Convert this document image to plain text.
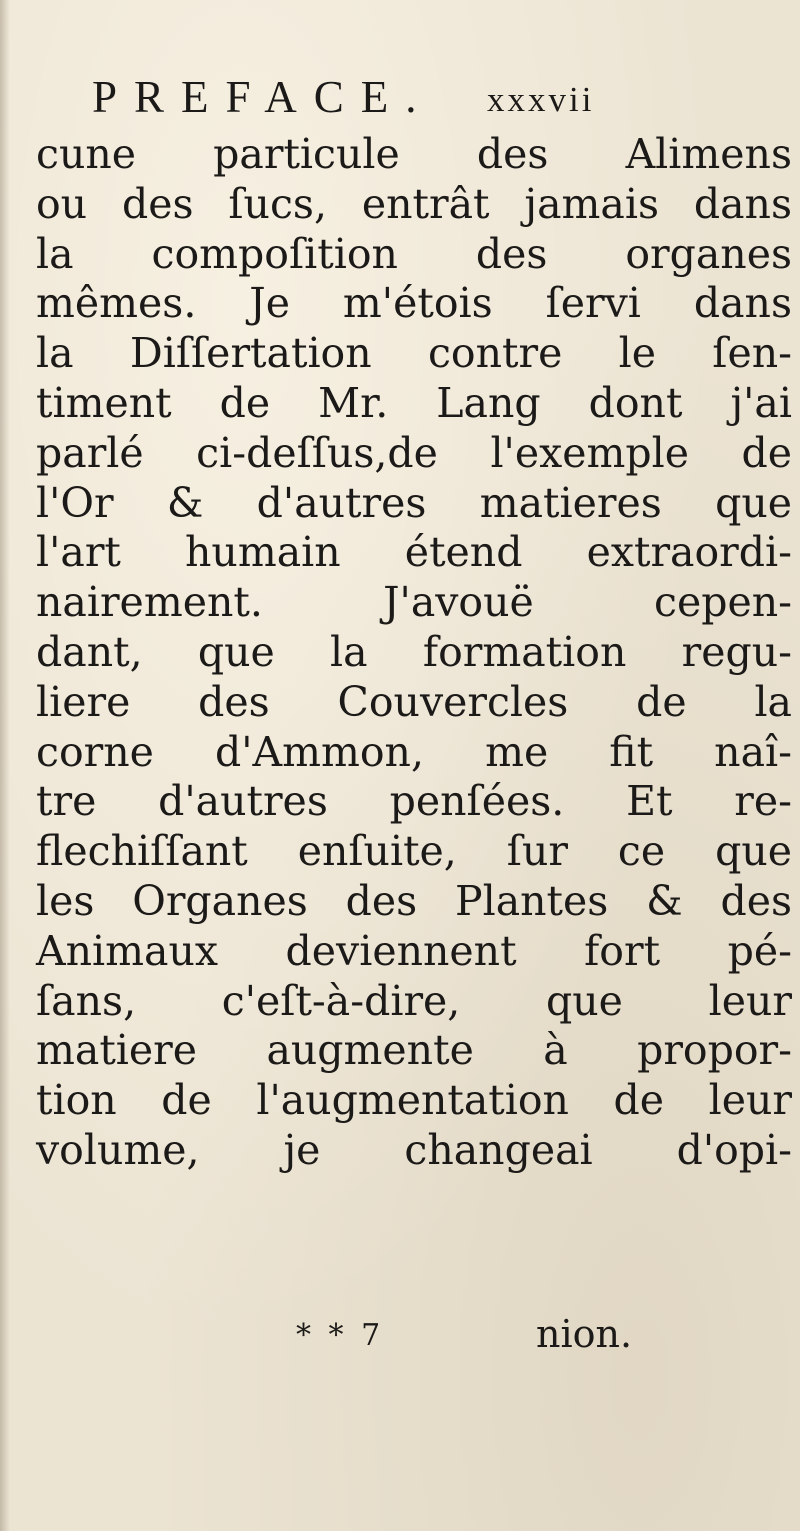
PREFACE. xxxvii
cune particule des Alimens
ou des ſucs, entrât jamais dans
la compoſition des organes
mêmes. Je m'étois ſervi dans
la Diſſertation contre le ſen-
timent de Mr. Lang dont j'ai
parlé ci-deſſus,de l'exemple de
l'Or & d'autres matieres que
l'art humain étend extraordi-
nairement. J'avouë cepen-
dant, que la formation regu-
liere des Couvercles de la
corne d'Ammon, me fit naî-
tre d'autres penſées. Et re-
flechiſſant enſuite, ſur ce que
les Organes des Plantes & des
Animaux deviennent fort pé-
ſans, c'eſt-à-dire, que leur
matiere augmente à propor-
tion de l'augmentation de leur
volume, je changeai d'opi-
* * 7	nion.
